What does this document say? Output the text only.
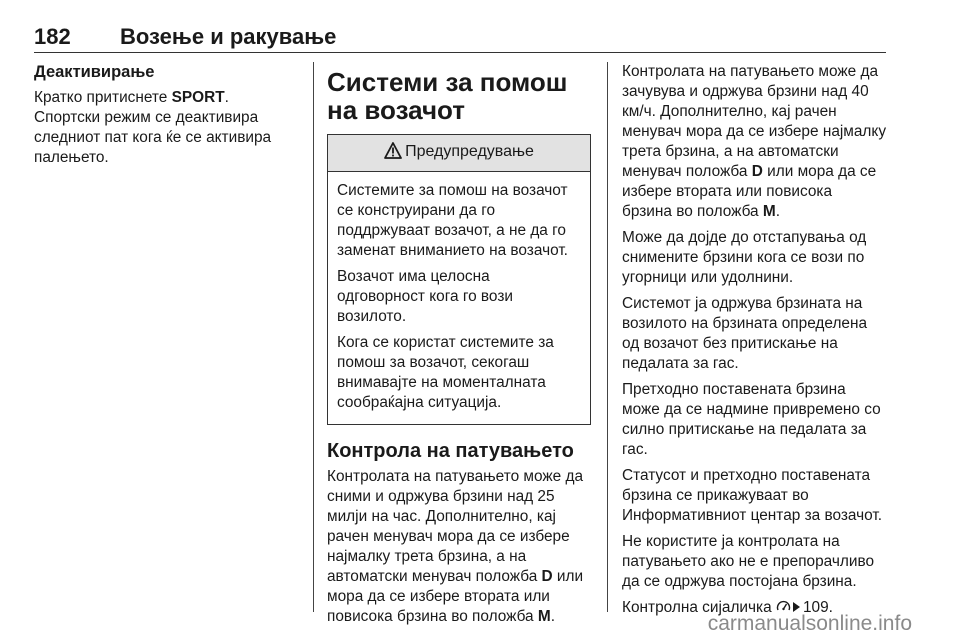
182 Возење и ракување
Деактивирање

Кратко притиснете SPORT. Спортски режим се деактивира следниот пат кога ќе се активира палењето.

Системи за помош на возачот
Предупредување

Системите за помош на возачот се конструирани да го поддржуваат возачот, а не да го заменат вниманието на возачот.

Возачот има целосна одговорност кога го вози возилото.

Кога се користат системите за помош за возачот, секогаш внимавајте на моменталната сообраќајна ситуација.

Контрола на патувањето

Контролата на патувањето може да сними и одржува брзини над 25 милји на час. Дополнително, кај рачен менувач мора да се избере најмалку трета брзина, а на автоматски менувач положба D или мора да се избере втората или повисока брзина во положба M.

Контролата на патувањето може да зачувува и одржува брзини над 40 км/ч. Дополнително, кај рачен менувач мора да се избере најмалку трета брзина, а на автоматски менувач положба D или мора да се избере втората или повисока брзина во положба M.

Може да дојде до отстапувања од снимените брзини кога се вози по угорници или удолнини.

Системот ја одржува брзината на возилото на брзината определена од возачот без притискање на педалата за гас.

Претходно поставената брзина може да се надмине привремено со силно притискање на педалата за гас.

Статусот и претходно поставената брзина се прикажуваат во Информативниот центар за возачот.

Не користите ја контролата на патувањето ако не е препорачливо да се одржува постојана брзина.

Контролна сијаличка 109.

carmanualsonline.info
